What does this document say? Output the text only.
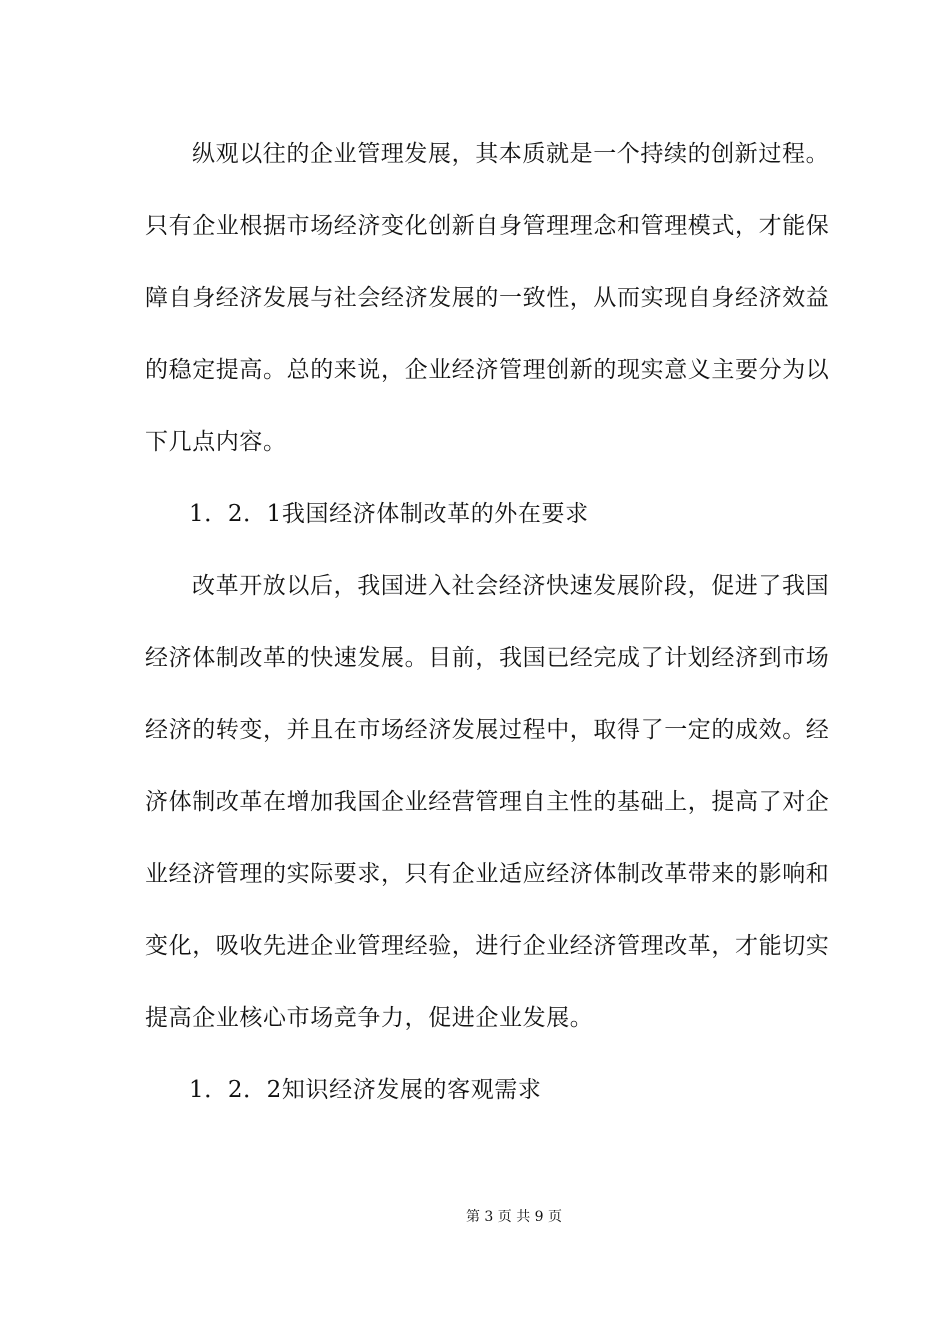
纵观以往的企业管理发展，其本质就是一个持续的创新过程。
只有企业根据市场经济变化创新自身管理理念和管理模式，才能保
障自身经济发展与社会经济发展的一致性，从而实现自身经济效益
的稳定提高。总的来说，企业经济管理创新的现实意义主要分为以
下几点内容。
1．2．1我国经济体制改革的外在要求
改革开放以后，我国进入社会经济快速发展阶段，促进了我国
经济体制改革的快速发展。目前，我国已经完成了计划经济到市场
经济的转变，并且在市场经济发展过程中，取得了一定的成效。经
济体制改革在增加我国企业经营管理自主性的基础上，提高了对企
业经济管理的实际要求，只有企业适应经济体制改革带来的影响和
变化，吸收先进企业管理经验，进行企业经济管理改革，才能切实
提高企业核心市场竞争力，促进企业发展。
1．2．2知识经济发展的客观需求
第 3 页 共 9 页
